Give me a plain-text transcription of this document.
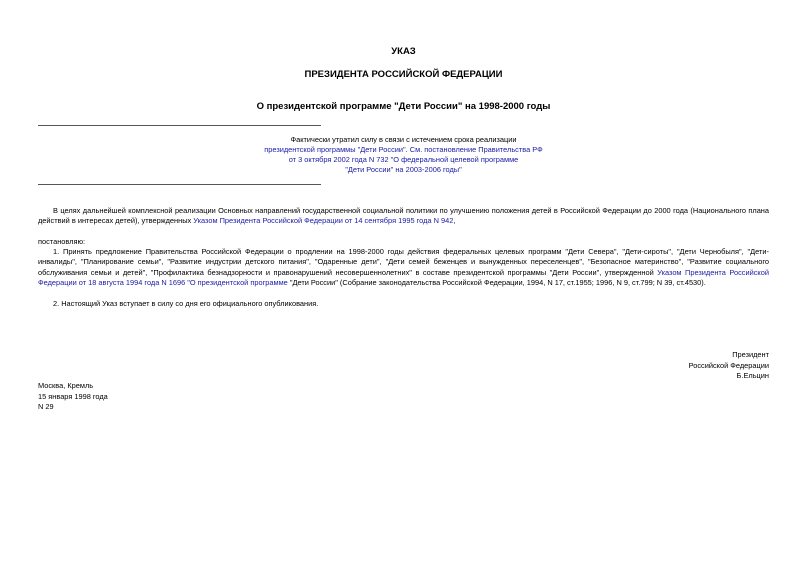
УКАЗ
ПРЕЗИДЕНТА РОССИЙСКОЙ ФЕДЕРАЦИИ
О президентской программе "Дети России" на 1998-2000 годы
Фактически утратил силу в связи с истечением срока реализации
президентской программы "Дети России". См. постановление Правительства РФ
от 3 октября 2002 года N 732 "О федеральной целевой программе
"Дети России" на 2003-2006 годы"
В целях дальнейшей комплексной реализации Основных направлений государственной социальной политики по улучшению положения детей в Российской Федерации до 2000 года (Национального плана действий в интересах детей), утвержденных Указом Президента Российской Федерации от 14 сентября 1995 года N 942,
постановляю:
1. Принять предложение Правительства Российской Федерации о продлении на 1998-2000 годы действия федеральных целевых программ "Дети Севера", "Дети-сироты", "Дети Чернобыля", "Дети-инвалиды", "Планирование семьи", "Развитие индустрии детского питания", "Одаренные дети", "Дети семей беженцев и вынужденных переселенцев", "Безопасное материнство", "Развитие социального обслуживания семьи и детей", "Профилактика безнадзорности и правонарушений несовершеннолетних" в составе президентской программы "Дети России", утвержденной Указом Президента Российской Федерации от 18 августа 1994 года N 1696 "О президентской программе "Дети России" (Собрание законодательства Российской Федерации, 1994, N 17, ст.1955; 1996, N 9, ст.799; N 39, ст.4530).
2. Настоящий Указ вступает в силу со дня его официального опубликования.
Президент
Российской Федерации
Б.Ельцин
Москва, Кремль
15 января 1998 года
N 29
